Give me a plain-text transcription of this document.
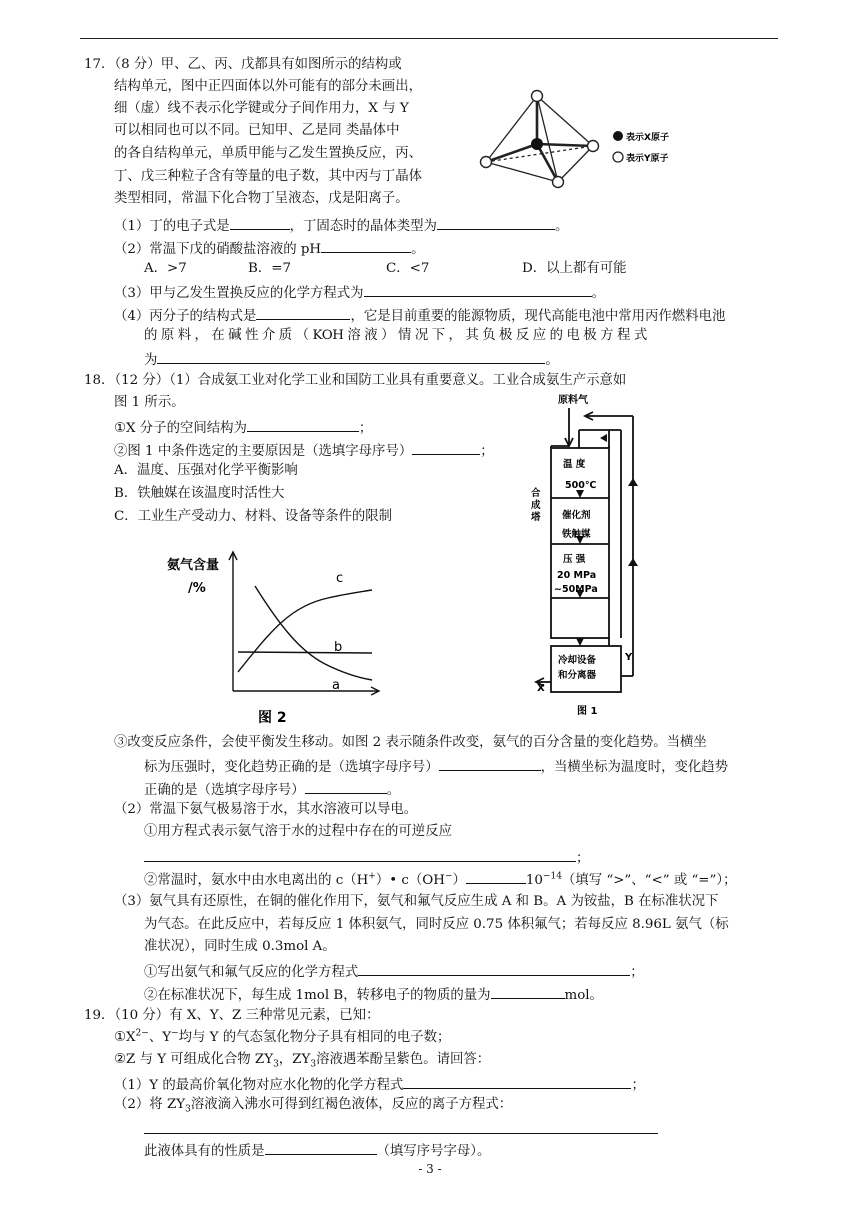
17．（8 分）甲、乙、丙、戊都具有如图所示的结构或
结构单元，图中正四面体以外可能有的部分未画出，
细（虚）线不表示化学键或分子间作用力，X 与 Y
可以相同也可以不同。已知甲、乙是同 类晶体中
的各自结构单元，单质甲能与乙发生置换反应，丙、
丁、戊三种粒子含有等量的电子数，其中丙与丁晶体
类型相同，常温下化合物丁呈液态，戊是阳离子。
表示X原子
表示Y原子
（1）丁的电子式是	，丁固态时的晶体类型为	。
（2）常温下戊的硝酸盐溶液的 pH	。
A．>7	B．=7	C．<7	D．以上都有可能
（3）甲与乙发生置换反应的化学方程式为	。
（4）丙分子的结构式是	，它是目前重要的能源物质，现代高能电池中常用丙作燃料电池
的 原 料 ， 在 碱 性 介 质 （ KOH 溶 液 ） 情 况 下 ， 其 负 极 反 应 的 电 极 方 程 式
为	。
18．（12 分）（1）合成氨工业对化学工业和国防工业具有重要意义。工业合成氨生产示意如
图 1 所示。
①X 分子的空间结构为	；
②图 1 中条件选定的主要原因是（选填字母序号）	；
A．温度、压强对化学平衡影响
B．铁触媒在该温度时活性大
C．工业生产受动力、材料、设备等条件的限制
氨气含量
/%
c
b
a
图 2
原料气
合成塔
温 度
500℃
催化剂
铁触媒
压 强
20 MPa
~50MPa
冷却设备
和分离器
Y
X
图 1
③改变反应条件，会使平衡发生移动。如图 2 表示随条件改变，氨气的百分含量的变化趋势。当横坐
标为压强时，变化趋势正确的是（选填字母序号）	，当横坐标为温度时，变化趋势
正确的是（选填字母序号）	。
（2）常温下氨气极易溶于水，其水溶液可以导电。
①用方程式表示氨气溶于水的过程中存在的可逆反应
；
②常温时，氨水中由水电离出的 c（H+）• c（OH−）	$10^{-14}$（填写 “>”、“<” 或 “=”）；
（3）氨气具有还原性，在铜的催化作用下，氨气和氟气反应生成 A 和 B。A 为铵盐，B 在标准状况下
为气态。在此反应中，若每反应 1 体积氨气，同时反应 0.75 体积氟气；若每反应 8.96L 氨气（标
准状况），同时生成 0.3mol A。
①写出氨气和氟气反应的化学方程式	；
②在标准状况下，每生成 1mol B，转移电子的物质的量为	mol。
19．（10 分）有 X、Y、Z 三种常见元素，已知：
$①X^{2-}$、Y−均与 Y 的气态氢化物分子具有相同的电子数；
②Z 与 Y 可组成化合物 $ZY_3$，$ZY_3$溶液遇苯酚呈紫色。请回答：
（1）Y 的最高价氧化物对应水化物的化学方程式	；
（2）将 $ZY_3$溶液滴入沸水可得到红褐色液体，反应的离子方程式：
此液体具有的性质是	（填写序号字母）。
- 3 -
